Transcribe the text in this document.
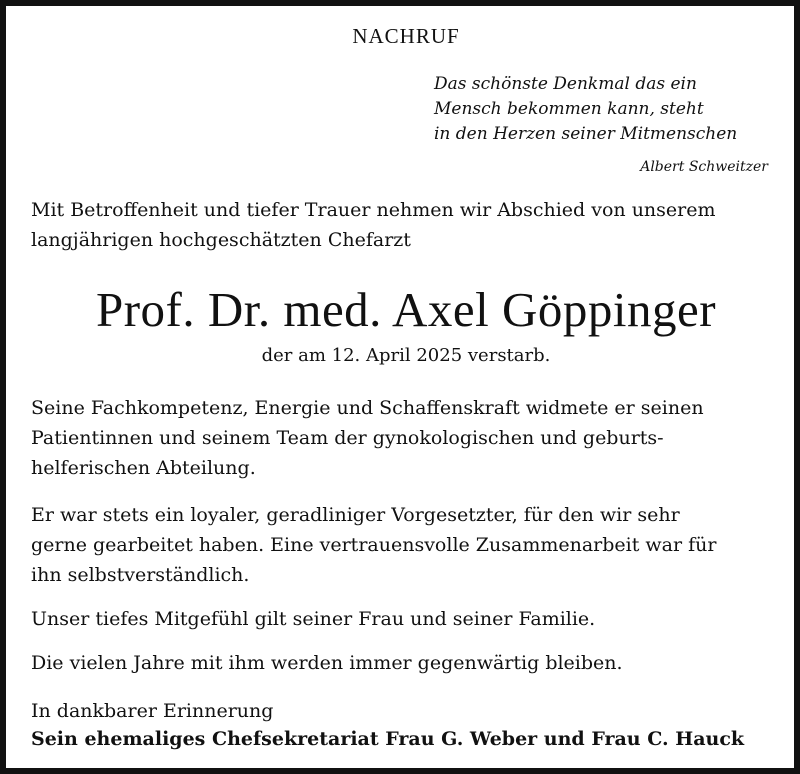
NACHRUF
Das schönste Denkmal das ein
Mensch bekommen kann, steht
in den Herzen seiner Mitmenschen
Albert Schweitzer
Mit Betroffenheit und tiefer Trauer nehmen wir Abschied von unserem
langjährigen hochgeschätzten Chefarzt
Prof. Dr. med. Axel Göppinger
der am 12. April 2025 verstarb.
Seine Fachkompetenz, Energie und Schaffenskraft widmete er seinen
Patientinnen und seinem Team der gynokologischen und geburts-
helferischen Abteilung.
Er war stets ein loyaler, geradliniger Vorgesetzter, für den wir sehr
gerne gearbeitet haben. Eine vertrauensvolle Zusammenarbeit war für
ihn selbstverständlich.
Unser tiefes Mitgefühl gilt seiner Frau und seiner Familie.
Die vielen Jahre mit ihm werden immer gegenwärtig bleiben.
In dankbarer Erinnerung
Sein ehemaliges Chefsekretariat Frau G. Weber und Frau C. Hauck
